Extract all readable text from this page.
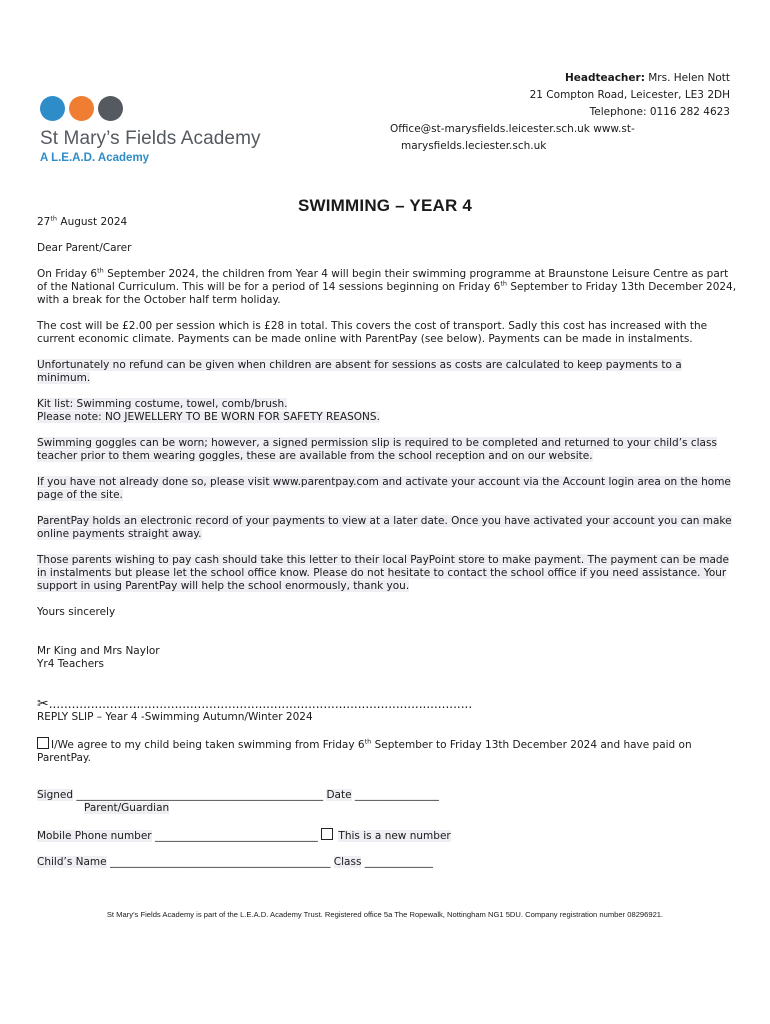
St Mary’s Fields Academy
A L.E.A.D. Academy
Headteacher: Mrs. Helen Nott
21 Compton Road, Leicester, LE3 2DH
Telephone: 0116 282 4623
Office@st-marysfields.leicester.sch.uk www.st-
marysfields.leciester.sch.uk
SWIMMING – YEAR 4

27th August 2024

Dear Parent/Carer

On Friday 6th September 2024, the children from Year 4 will begin their swimming programme at Braunstone Leisure Centre as part of the National Curriculum. This will be for a period of 14 sessions beginning on Friday 6th September to Friday 13th December 2024, with a break for the October half term holiday.

The cost will be £2.00 per session which is £28 in total. This covers the cost of transport. Sadly this cost has increased with the current economic climate. Payments can be made online with ParentPay (see below). Payments can be made in instalments.

Unfortunately no refund can be given when children are absent for sessions as costs are calculated to keep payments to a minimum.

Kit list: Swimming costume, towel, comb/brush.
Please note: NO JEWELLERY TO BE WORN FOR SAFETY REASONS.

Swimming goggles can be worn; however, a signed permission slip is required to be completed and returned to your child’s class teacher prior to them wearing goggles, these are available from the school reception and on our website.

If you have not already done so, please visit www.parentpay.com and activate your account via the Account login area on the home page of the site.

ParentPay holds an electronic record of your payments to view at a later date. Once you have activated your account you can make online payments straight away.

Those parents wishing to pay cash should take this letter to their local PayPoint store to make payment. The payment can be made in instalments but please let the school office know. Please do not hesitate to contact the school office if you need assistance. Your support in using ParentPay will help the school enormously, thank you.

Yours sincerely

Mr King and Mrs Naylor

Yr4 Teachers

✂...............................................................................................................

REPLY SLIP – Year 4 -Swimming Autumn/Winter 2024

I/We agree to my child being taken swimming from Friday 6th September to Friday 13th December 2024 and have paid on ParentPay.

Signed _______________________________________________ Date ________________

Parent/Guardian

Mobile Phone number _______________________________ This is a new number

Child’s Name __________________________________________ Class _____________

St Mary’s Fields Academy is part of the L.E.A.D. Academy Trust. Registered office 5a The Ropewalk, Nottingham NG1 5DU. Company registration number 08296921.
